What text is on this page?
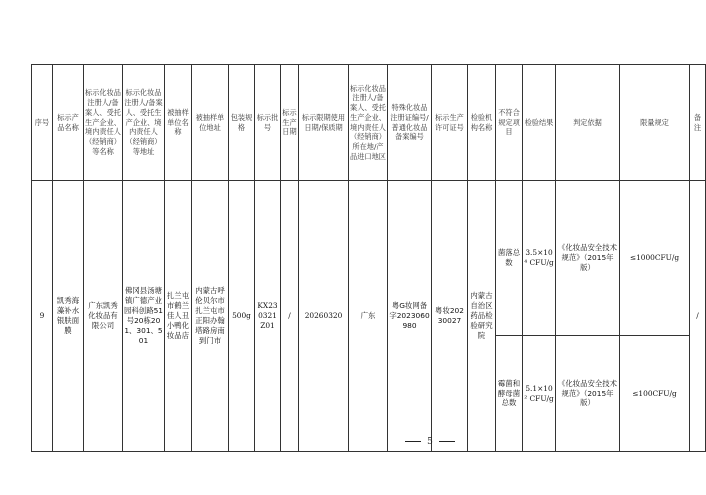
序号	标示产品名称	标示化妆品注册人/备案人、受托生产企业、境内责任人（经销商）等名称	标示化妆品注册人/备案人、受托生产企业、境内责任人（经销商）等地址	被抽样单位名称	被抽样单位地址	包装规格	标示批号	标示生产日期	标示限期使用日期/保质期	标示化妆品注册人/备案人、受托生产企业、境内责任人（经销商）所在地/产品进口地区	特殊化妆品注册证编号/普通化妆品备案编号	标示生产许可证号	检验机构名称	不符合规定项目	检验结果	判定依据	限量规定	备注
9	凯秀海藻补水银肤面膜	广东凯秀化妆品有限公司	佛冈县汤塘镇广德产业园科创路51号20栋201、301、501	扎兰屯市鹤兰佳人丑小鸭化妆品店	内蒙古呼伦贝尔市扎兰屯市正阳办翰塔路房南到门市	500g	KX230321Z01	/	20260320	广东	粤G妆网备字2023060980	粤妆20230027	内蒙古自治区药品检验研究院	菌落总数	3.5×10⁴ CFU/g	《化妆品安全技术规范》（2015年版）	≤1000CFU/g	/
														霉菌和酵母菌总数	5.1×10² CFU/g	《化妆品安全技术规范》（2015年版）	≤100CFU/g	
5
